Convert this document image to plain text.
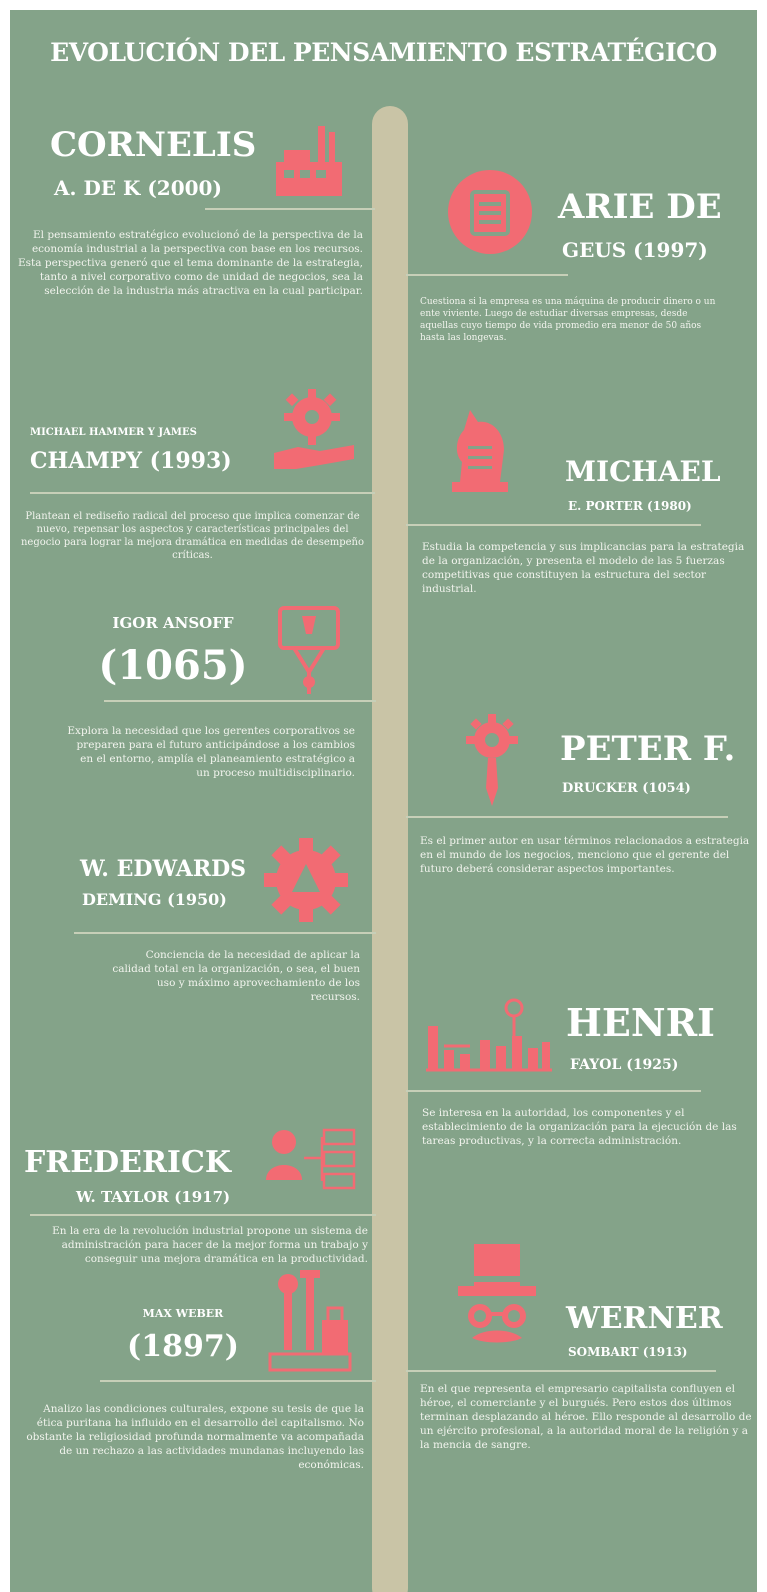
EVOLUCIÓN DEL PENSAMIENTO ESTRATÉGICO
CORNELIS
A. DE K (2000)
El pensamiento estratégico evolucionó de la perspectiva de la economía industrial a la perspectiva con base en los recursos. Esta perspectiva generó que el tema dominante de la estrategia, tanto a nivel corporativo como de unidad de negocios, sea la selección de la industria más atractiva en la cual participar.
ARIE DE
GEUS (1997)
Cuestiona si la empresa es una máquina de producir dinero o un ente viviente. Luego de estudiar diversas empresas, desde aquellas cuyo tiempo de vida promedio era menor de 50 años hasta las longevas.
MICHAEL HAMMER Y JAMES
CHAMPY (1993)
Plantean el rediseño radical del proceso que implica comenzar de nuevo, repensar los aspectos y características principales del negocio para lograr la mejora dramática en medidas de desempeño críticas.
MICHAEL
E. PORTER (1980)
Estudia la competencia y sus implicancias para la estrategia de la organización, y presenta el modelo de las 5 fuerzas competitivas que constituyen la estructura del sector industrial.
IGOR ANSOFF
(1065)
Explora la necesidad que los gerentes corporativos se preparen para el futuro anticipándose a los cambios en el entorno, amplía el planeamiento estratégico a un proceso multidisciplinario.
PETER F.
DRUCKER (1054)
Es el primer autor en usar términos relacionados a estrategia en el mundo de los negocios, menciono que el gerente del futuro deberá considerar aspectos importantes.
W. EDWARDS
DEMING (1950)
Conciencia de la necesidad de aplicar la calidad total en la organización, o sea, el buen uso y máximo aprovechamiento de los recursos.
HENRI
FAYOL (1925)
Se interesa en la autoridad, los componentes y el establecimiento de la organización para la ejecución de las tareas productivas, y la correcta administración.
FREDERICK
W. TAYLOR (1917)
En la era de la revolución industrial propone un sistema de administración para hacer de la mejor forma un trabajo y conseguir una mejora dramática en la productividad.
WERNER
SOMBART (1913)
En el que representa el empresario capitalista confluyen el héroe, el comerciante y el burgués. Pero estos dos últimos terminan desplazando al héroe. Ello responde al desarrollo de un ejército profesional, a la autoridad moral de la religión y a la mencia de sangre.
MAX WEBER
(1897)
Analizo las condiciones culturales, expone su tesis de que la ética puritana ha influido en el desarrollo del capitalismo. No obstante la religiosidad profunda normalmente va acompañada de un rechazo a las actividades mundanas incluyendo las económicas.
